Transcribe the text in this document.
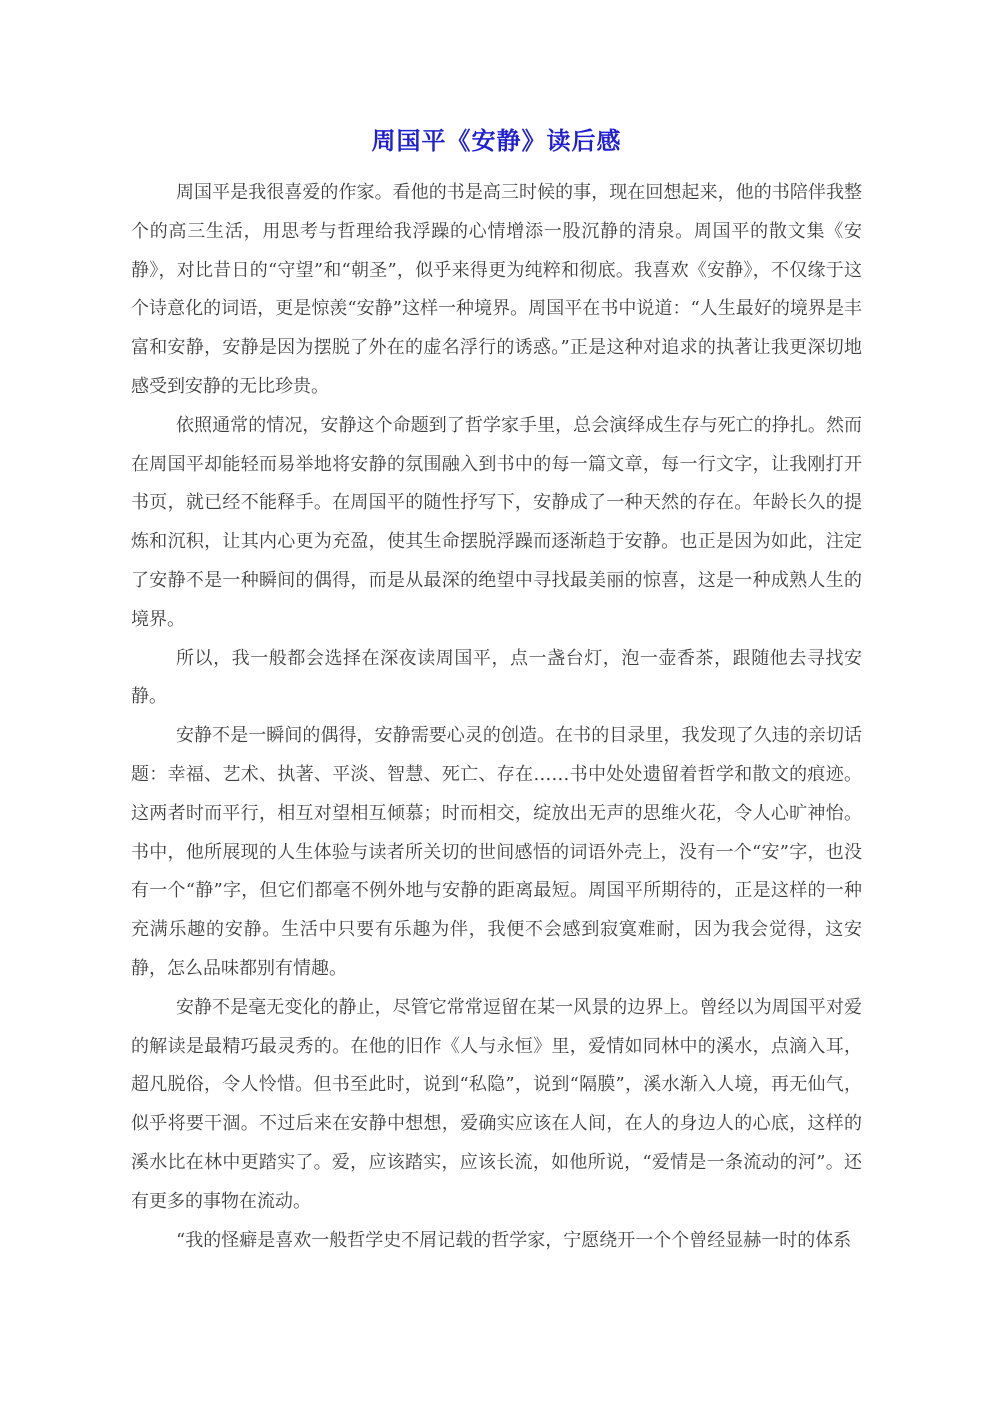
周国平《安静》读后感

周国平是我很喜爱的作家。看他的书是高三时候的事，现在回想起来，他的书陪伴我整个的高三生活，用思考与哲理给我浮躁的心情增添一股沉静的清泉。周国平的散文集《安静》，对比昔日的“守望”和“朝圣”，似乎来得更为纯粹和彻底。我喜欢《安静》，不仅缘于这个诗意化的词语，更是惊羡“安静”这样一种境界。周国平在书中说道：“人生最好的境界是丰富和安静，安静是因为摆脱了外在的虚名浮行的诱惑。”正是这种对追求的执著让我更深切地感受到安静的无比珍贵。

依照通常的情况，安静这个命题到了哲学家手里，总会演绎成生存与死亡的挣扎。然而在周国平却能轻而易举地将安静的氛围融入到书中的每一篇文章，每一行文字，让我刚打开书页，就已经不能释手。在周国平的随性抒写下，安静成了一种天然的存在。年龄长久的提炼和沉积，让其内心更为充盈，使其生命摆脱浮躁而逐渐趋于安静。也正是因为如此，注定了安静不是一种瞬间的偶得，而是从最深的绝望中寻找最美丽的惊喜，这是一种成熟人生的境界。

所以，我一般都会选择在深夜读周国平，点一盏台灯，泡一壶香茶，跟随他去寻找安静。

安静不是一瞬间的偶得，安静需要心灵的创造。在书的目录里，我发现了久违的亲切话题：幸福、艺术、执著、平淡、智慧、死亡、存在……书中处处遗留着哲学和散文的痕迹。这两者时而平行，相互对望相互倾慕；时而相交，绽放出无声的思维火花，令人心旷神怡。书中，他所展现的人生体验与读者所关切的世间感悟的词语外壳上，没有一个“安”字，也没有一个“静”字，但它们都毫不例外地与安静的距离最短。周国平所期待的，正是这样的一种充满乐趣的安静。生活中只要有乐趣为伴，我便不会感到寂寞难耐，因为我会觉得，这安静，怎么品味都别有情趣。

安静不是毫无变化的静止，尽管它常常逗留在某一风景的边界上。曾经以为周国平对爱的解读是最精巧最灵秀的。在他的旧作《人与永恒》里，爱情如同林中的溪水，点滴入耳，超凡脱俗，令人怜惜。但书至此时，说到“私隐”，说到“隔膜”，溪水渐入人境，再无仙气，似乎将要干涸。不过后来在安静中想想，爱确实应该在人间，在人的身边人的心底，这样的溪水比在林中更踏实了。爱，应该踏实，应该长流，如他所说，“爱情是一条流动的河”。还有更多的事物在流动。

“我的怪癖是喜欢一般哲学史不屑记载的哲学家，宁愿绕开一个个曾经显赫一时的体系
